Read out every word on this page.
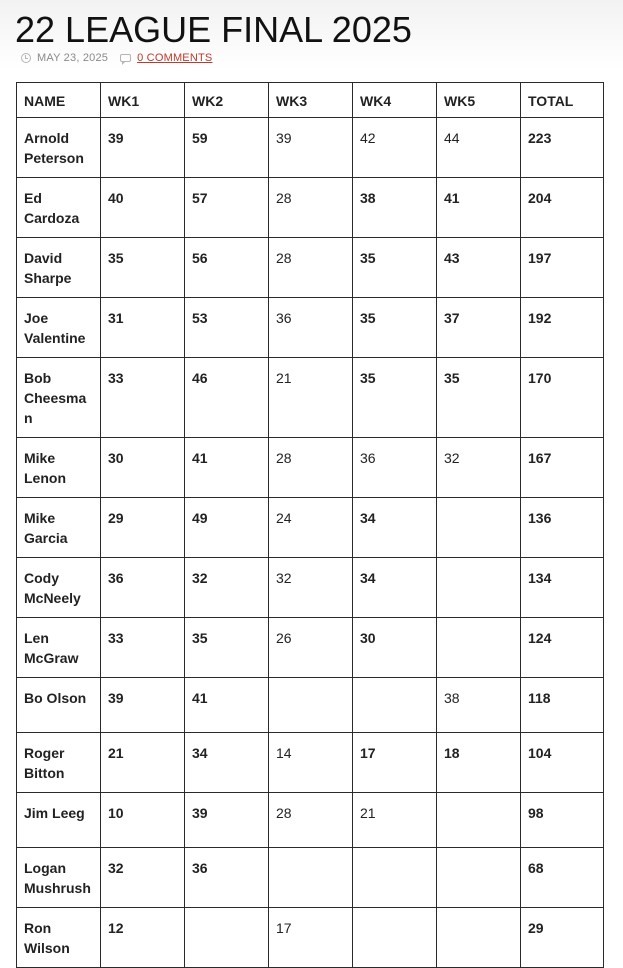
22 LEAGUE FINAL 2025
MAY 23, 2025	0 COMMENTS
NAME	WK1	WK2	WK3	WK4	WK5	TOTAL
Arnold Peterson	39	59	39	42	44	223
Ed Cardoza	40	57	28	38	41	204
David Sharpe	35	56	28	35	43	197
Joe Valentine	31	53	36	35	37	192
Bob Cheesman	33	46	21	35	35	170
Mike Lenon	30	41	28	36	32	167
Mike Garcia	29	49	24	34		136
Cody McNeely	36	32	32	34		134
Len McGraw	33	35	26	30		124
Bo Olson	39	41			38	118
Roger Bitton	21	34	14	17	18	104
Jim Leeg	10	39	28	21		98
Logan Mushrush	32	36				68
Ron Wilson	12		17			29
